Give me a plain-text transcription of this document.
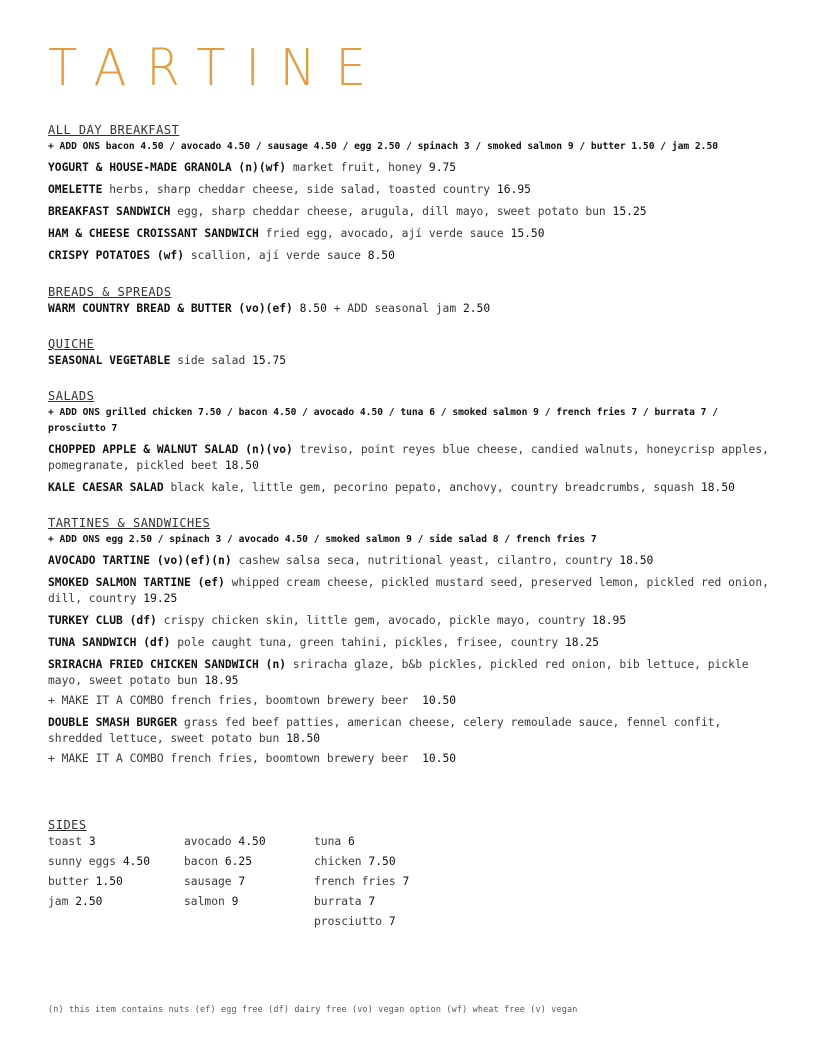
TARTINE
ALL DAY BREAKFAST
+ ADD ONS bacon 4.50 / avocado 4.50 / sausage 4.50 / egg 2.50 / spinach 3 / smoked salmon 9 / butter 1.50 / jam 2.50
YOGURT & HOUSE-MADE GRANOLA (n)(wf) market fruit, honey 9.75
OMELETTE herbs, sharp cheddar cheese, side salad, toasted country 16.95
BREAKFAST SANDWICH egg, sharp cheddar cheese, arugula, dill mayo, sweet potato bun 15.25
HAM & CHEESE CROISSANT SANDWICH fried egg, avocado, ají verde sauce 15.50
CRISPY POTATOES (wf) scallion, ají verde sauce 8.50
BREADS & SPREADS
WARM COUNTRY BREAD & BUTTER (vo)(ef) 8.50 + ADD seasonal jam 2.50
QUICHE
SEASONAL VEGETABLE side salad 15.75
SALADS
+ ADD ONS grilled chicken 7.50 / bacon 4.50 / avocado 4.50 / tuna 6 / smoked salmon 9 / french fries 7 / burrata 7 / prosciutto 7
CHOPPED APPLE & WALNUT SALAD (n)(vo) treviso, point reyes blue cheese, candied walnuts, honeycrisp apples, pomegranate, pickled beet 18.50
KALE CAESAR SALAD black kale, little gem, pecorino pepato, anchovy, country breadcrumbs, squash 18.50
TARTINES & SANDWICHES
+ ADD ONS egg 2.50 / spinach 3 / avocado 4.50 / smoked salmon 9 / side salad 8 / french fries 7
AVOCADO TARTINE (vo)(ef)(n) cashew salsa seca, nutritional yeast, cilantro, country 18.50
SMOKED SALMON TARTINE (ef) whipped cream cheese, pickled mustard seed, preserved lemon, pickled red onion, dill, country 19.25
TURKEY CLUB (df) crispy chicken skin, little gem, avocado, pickle mayo, country 18.95
TUNA SANDWICH (df) pole caught tuna, green tahini, pickles, frisee, country 18.25
SRIRACHA FRIED CHICKEN SANDWICH (n) sriracha glaze, b&b pickles, pickled red onion, bib lettuce, pickle mayo, sweet potato bun 18.95
+ MAKE IT A COMBO french fries, boomtown brewery beer 10.50
DOUBLE SMASH BURGER grass fed beef patties, american cheese, celery remoulade sauce, fennel confit, shredded lettuce, sweet potato bun 18.50
+ MAKE IT A COMBO french fries, boomtown brewery beer 10.50
SIDES
toast 3
sunny eggs 4.50
butter 1.50
jam 2.50
avocado 4.50
bacon 6.25
sausage 7
salmon 9
tuna 6
chicken 7.50
french fries 7
burrata 7
prosciutto 7
(n) this item contains nuts (ef) egg free (df) dairy free (vo) vegan option (wf) wheat free (v) vegan
